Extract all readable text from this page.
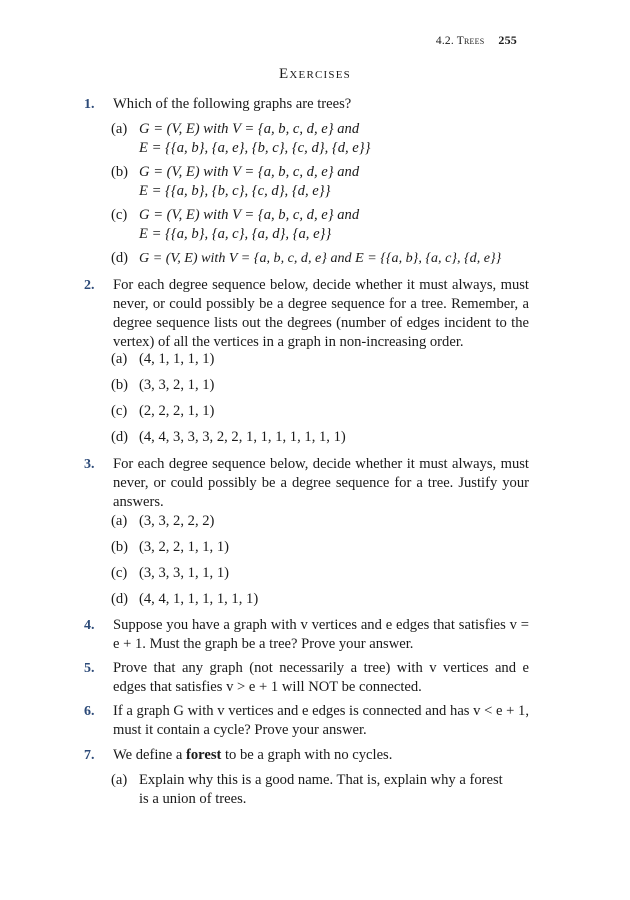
4.2. Trees 255
Exercises
1. Which of the following graphs are trees?
(a) G = (V, E) with V = {a, b, c, d, e} and
E = {{a, b}, {a, e}, {b, c}, {c, d}, {d, e}}
(b) G = (V, E) with V = {a, b, c, d, e} and
E = {{a, b}, {b, c}, {c, d}, {d, e}}
(c) G = (V, E) with V = {a, b, c, d, e} and
E = {{a, b}, {a, c}, {a, d}, {a, e}}
(d) G = (V, E) with V = {a, b, c, d, e} and E = {{a, b}, {a, c}, {d, e}}
2. For each degree sequence below, decide whether it must always, must never, or could possibly be a degree sequence for a tree. Remember, a degree sequence lists out the degrees (number of edges incident to the vertex) of all the vertices in a graph in non-increasing order.
(a) (4, 1, 1, 1, 1)
(b) (3, 3, 2, 1, 1)
(c) (2, 2, 2, 1, 1)
(d) (4, 4, 3, 3, 3, 2, 2, 1, 1, 1, 1, 1, 1, 1)
3. For each degree sequence below, decide whether it must always, must never, or could possibly be a degree sequence for a tree. Justify your answers.
(a) (3, 3, 2, 2, 2)
(b) (3, 2, 2, 1, 1, 1)
(c) (3, 3, 3, 1, 1, 1)
(d) (4, 4, 1, 1, 1, 1, 1, 1)
4. Suppose you have a graph with v vertices and e edges that satisfies v = e + 1. Must the graph be a tree? Prove your answer.
5. Prove that any graph (not necessarily a tree) with v vertices and e edges that satisfies v > e + 1 will NOT be connected.
6. If a graph G with v vertices and e edges is connected and has v < e + 1, must it contain a cycle? Prove your answer.
7. We define a forest to be a graph with no cycles.
(a) Explain why this is a good name. That is, explain why a forest
is a union of trees.
